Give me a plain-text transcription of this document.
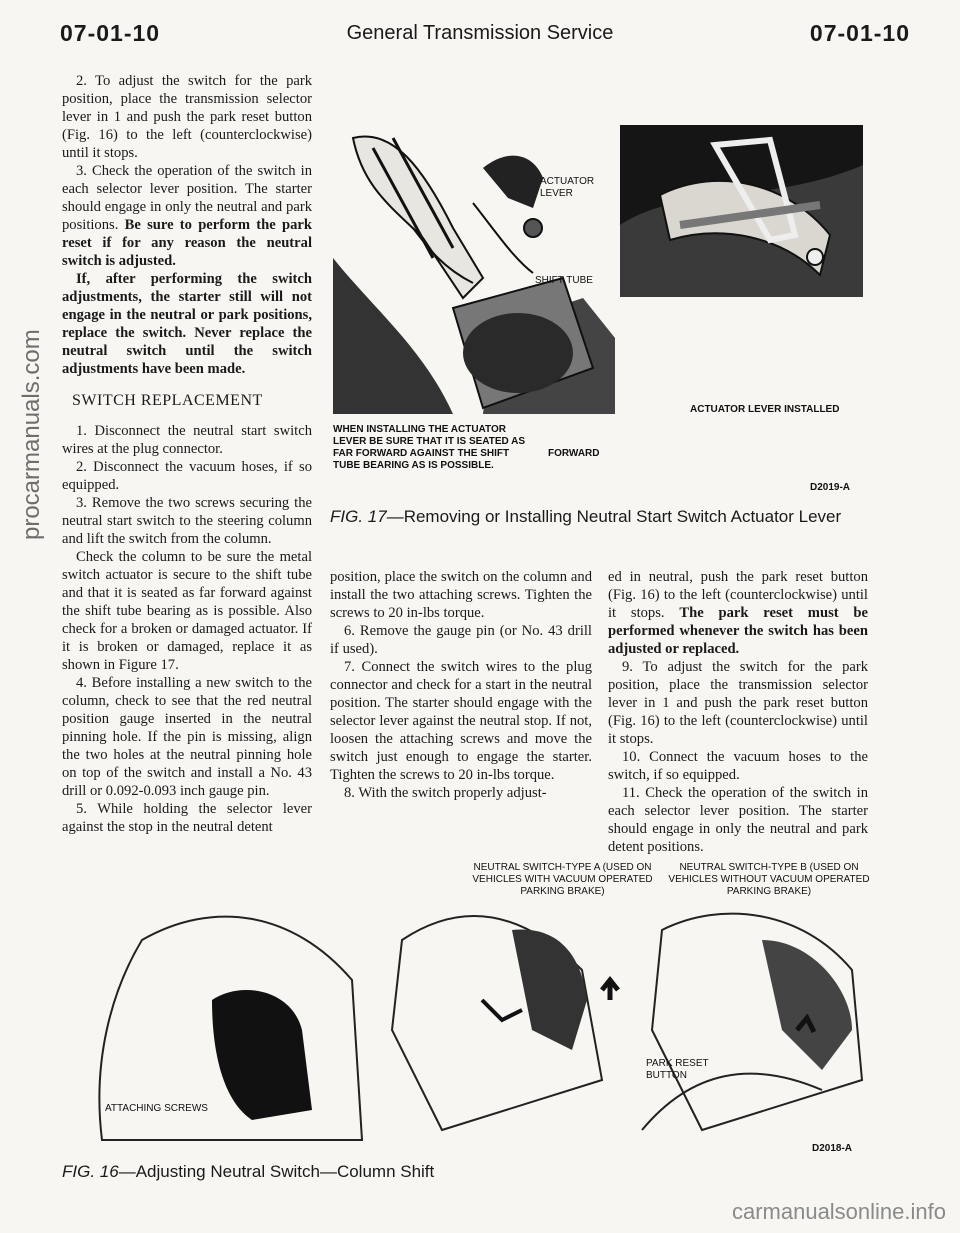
07-01-10	General Transmission Service	07-01-10
procarmanuals.com
carmanualsonline.info

2. To adjust the switch for the park position, place the transmission selector lever in 1 and push the park reset button (Fig. 16) to the left (counterclockwise) until it stops.

3. Check the operation of the switch in each selector lever position. The starter should engage in only the neutral and park positions. Be sure to perform the park reset if for any reason the neutral switch is adjusted.

If, after performing the switch adjustments, the starter still will not engage in the neutral or park positions, replace the switch. Never replace the neutral switch until the switch adjustments have been made.

SWITCH REPLACEMENT

1. Disconnect the neutral start switch wires at the plug connector.

2. Disconnect the vacuum hoses, if so equipped.

3. Remove the two screws securing the neutral start switch to the steering column and lift the switch from the column.

Check the column to be sure the metal switch actuator is secure to the shift tube and that it is seated as far forward against the shift tube bearing as is possible. Also check for a broken or damaged actuator. If it is broken or damaged, replace it as shown in Figure 17.

4. Before installing a new switch to the column, check to see that the red neutral position gauge inserted in the neutral pinning hole. If the pin is missing, align the two holes at the neutral pinning hole on top of the switch and install a No. 43 drill or 0.092-0.093 inch gauge pin.

5. While holding the selector lever against the stop in the neutral detent

ACTUATOR LEVER
SHIFT TUBE
WHEN INSTALLING THE ACTUATOR LEVER BE SURE THAT IT IS SEATED AS FAR FORWARD AGAINST THE SHIFT TUBE BEARING AS IS POSSIBLE.
FORWARD
ACTUATOR LEVER INSTALLED
D2019-A
FIG. 17—Removing or Installing Neutral Start Switch Actuator Lever

position, place the switch on the column and install the two attaching screws. Tighten the screws to 20 in-lbs torque.

6. Remove the gauge pin (or No. 43 drill if used).

7. Connect the switch wires to the plug connector and check for a start in the neutral position. The starter should engage with the selector lever against the neutral stop. If not, loosen the attaching screws and move the switch just enough to engage the starter. Tighten the screws to 20 in-lbs torque.

8. With the switch properly adjust-

ed in neutral, push the park reset button (Fig. 16) to the left (counterclockwise) until it stops. The park reset must be performed whenever the switch has been adjusted or replaced.

9. To adjust the switch for the park position, place the transmission selector lever in 1 and push the park reset button (Fig. 16) to the left (counterclockwise) until it stops.

10. Connect the vacuum hoses to the switch, if so equipped.

11. Check the operation of the switch in each selector lever position. The starter should engage in only the neutral and park detent positions.

NEUTRAL SWITCH-TYPE A (USED ON VEHICLES WITH VACUUM OPERATED PARKING BRAKE)
NEUTRAL SWITCH-TYPE B (USED ON VEHICLES WITHOUT VACUUM OPERATED PARKING BRAKE)
ATTACHING SCREWS
PARK RESET BUTTON
D2018-A
FIG. 16—Adjusting Neutral Switch—Column Shift
